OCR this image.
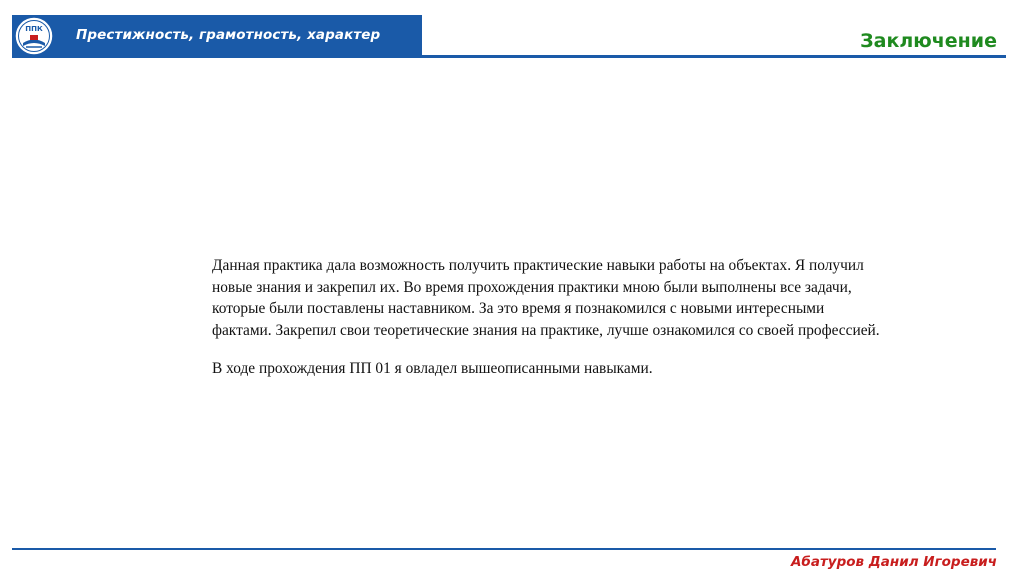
ППК Престижность, грамотность, характер	Заключение

Данная практика дала возможность получить практические навыки работы на объектах. Я получил новые знания и закрепил их. Во время прохождения практики мною были выполнены все задачи, которые были поставлены наставником. За это время я познакомился с новыми интересными фактами. Закрепил свои теоретические знания на практике, лучше ознакомился со своей профессией.

В ходе прохождения ПП 01 я овладел вышеописанными навыками.

Абатуров Данил Игоревич
